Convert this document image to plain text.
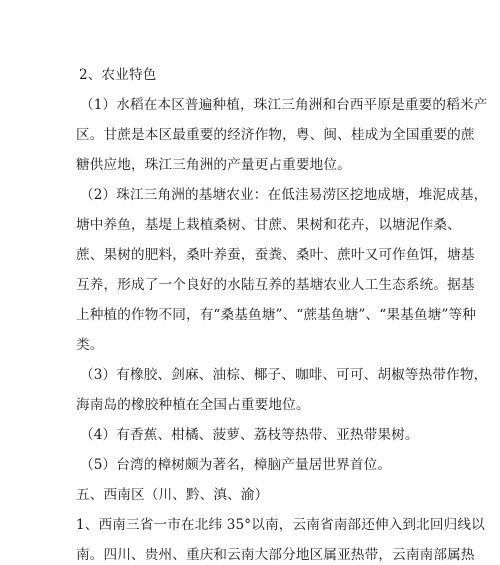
2、农业特色
（1）水稻在本区普遍种植，珠江三角洲和台西平原是重要的稻米产
区。甘蔗是本区最重要的经济作物，粤、闽、桂成为全国重要的蔗
糖供应地，珠江三角洲的产量更占重要地位。
（2）珠江三角洲的基塘农业：在低洼易涝区挖地成塘，堆泥成基，
塘中养鱼，基堤上栽植桑树、甘蔗、果树和花卉，以塘泥作桑、
蔗、果树的肥料，桑叶养蚕，蚕粪、桑叶、蔗叶又可作鱼饵，塘基
互养，形成了一个良好的水陆互养的基塘农业人工生态系统。据基
上种植的作物不同，有“桑基鱼塘”、“蔗基鱼塘”、“果基鱼塘”等种
类。
（3）有橡胶、剑麻、油棕、椰子、咖啡、可可、胡椒等热带作物，
海南岛的橡胶种植在全国占重要地位。
（4）有香蕉、柑橘、菠萝、荔枝等热带、亚热带果树。
（5）台湾的樟树颇为著名，樟脑产量居世界首位。
五、西南区（川、黔、滇、渝）
1、西南三省一市在北纬 35°以南，云南省南部还伸入到北回归线以
南。四川、贵州、重庆和云南大部分地区属亚热带，云南南部属热
